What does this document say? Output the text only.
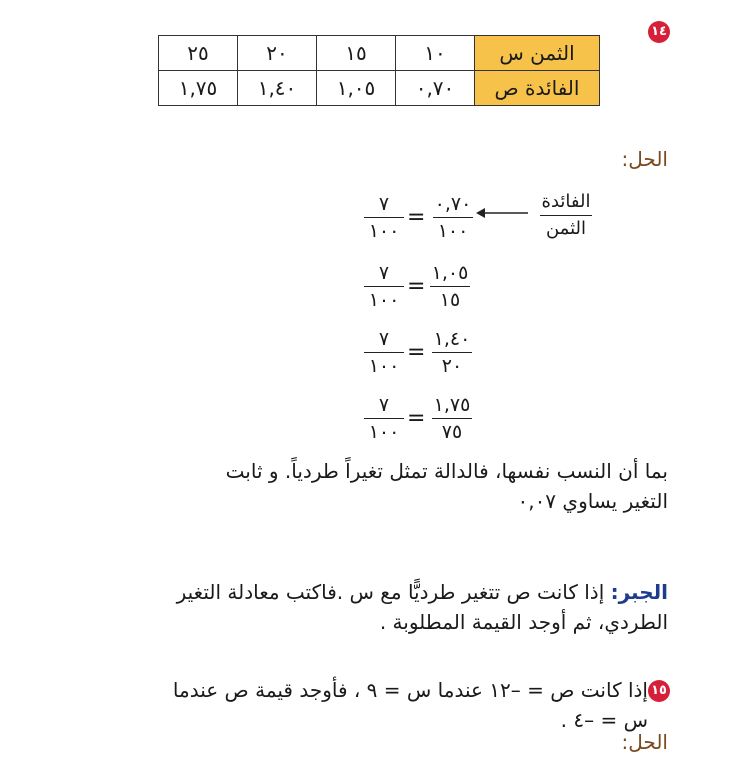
​
١٤
الثمن س	١٠	١٥	٢٠	٢٥
الفائدة ص	٠,٧٠	١,٠٥	١,٤٠	١,٧٥
الحل:
الفائدة
الثمن
٠,٧٠
١٠٠
=
٧
١٠٠
١,٠٥
١٥
=
٧
١٠٠
١,٤٠
٢٠
=
٧
١٠٠
١,٧٥
٧٥
=
٧
١٠٠
بما أن النسب نفسها، فالدالة تمثل تغيراً طردياً. و ثابت
التغير يساوي ٠,٠٧
الجبر: إذا كانت ص تتغير طرديًّا مع س .فاكتب معادلة التغير
الطردي، ثم أوجد القيمة المطلوبة .
١٥
إذا كانت ص = –١٢ عندما س = ٩ ، فأوجد قيمة ص عندما
س = –٤ .
الحل:
